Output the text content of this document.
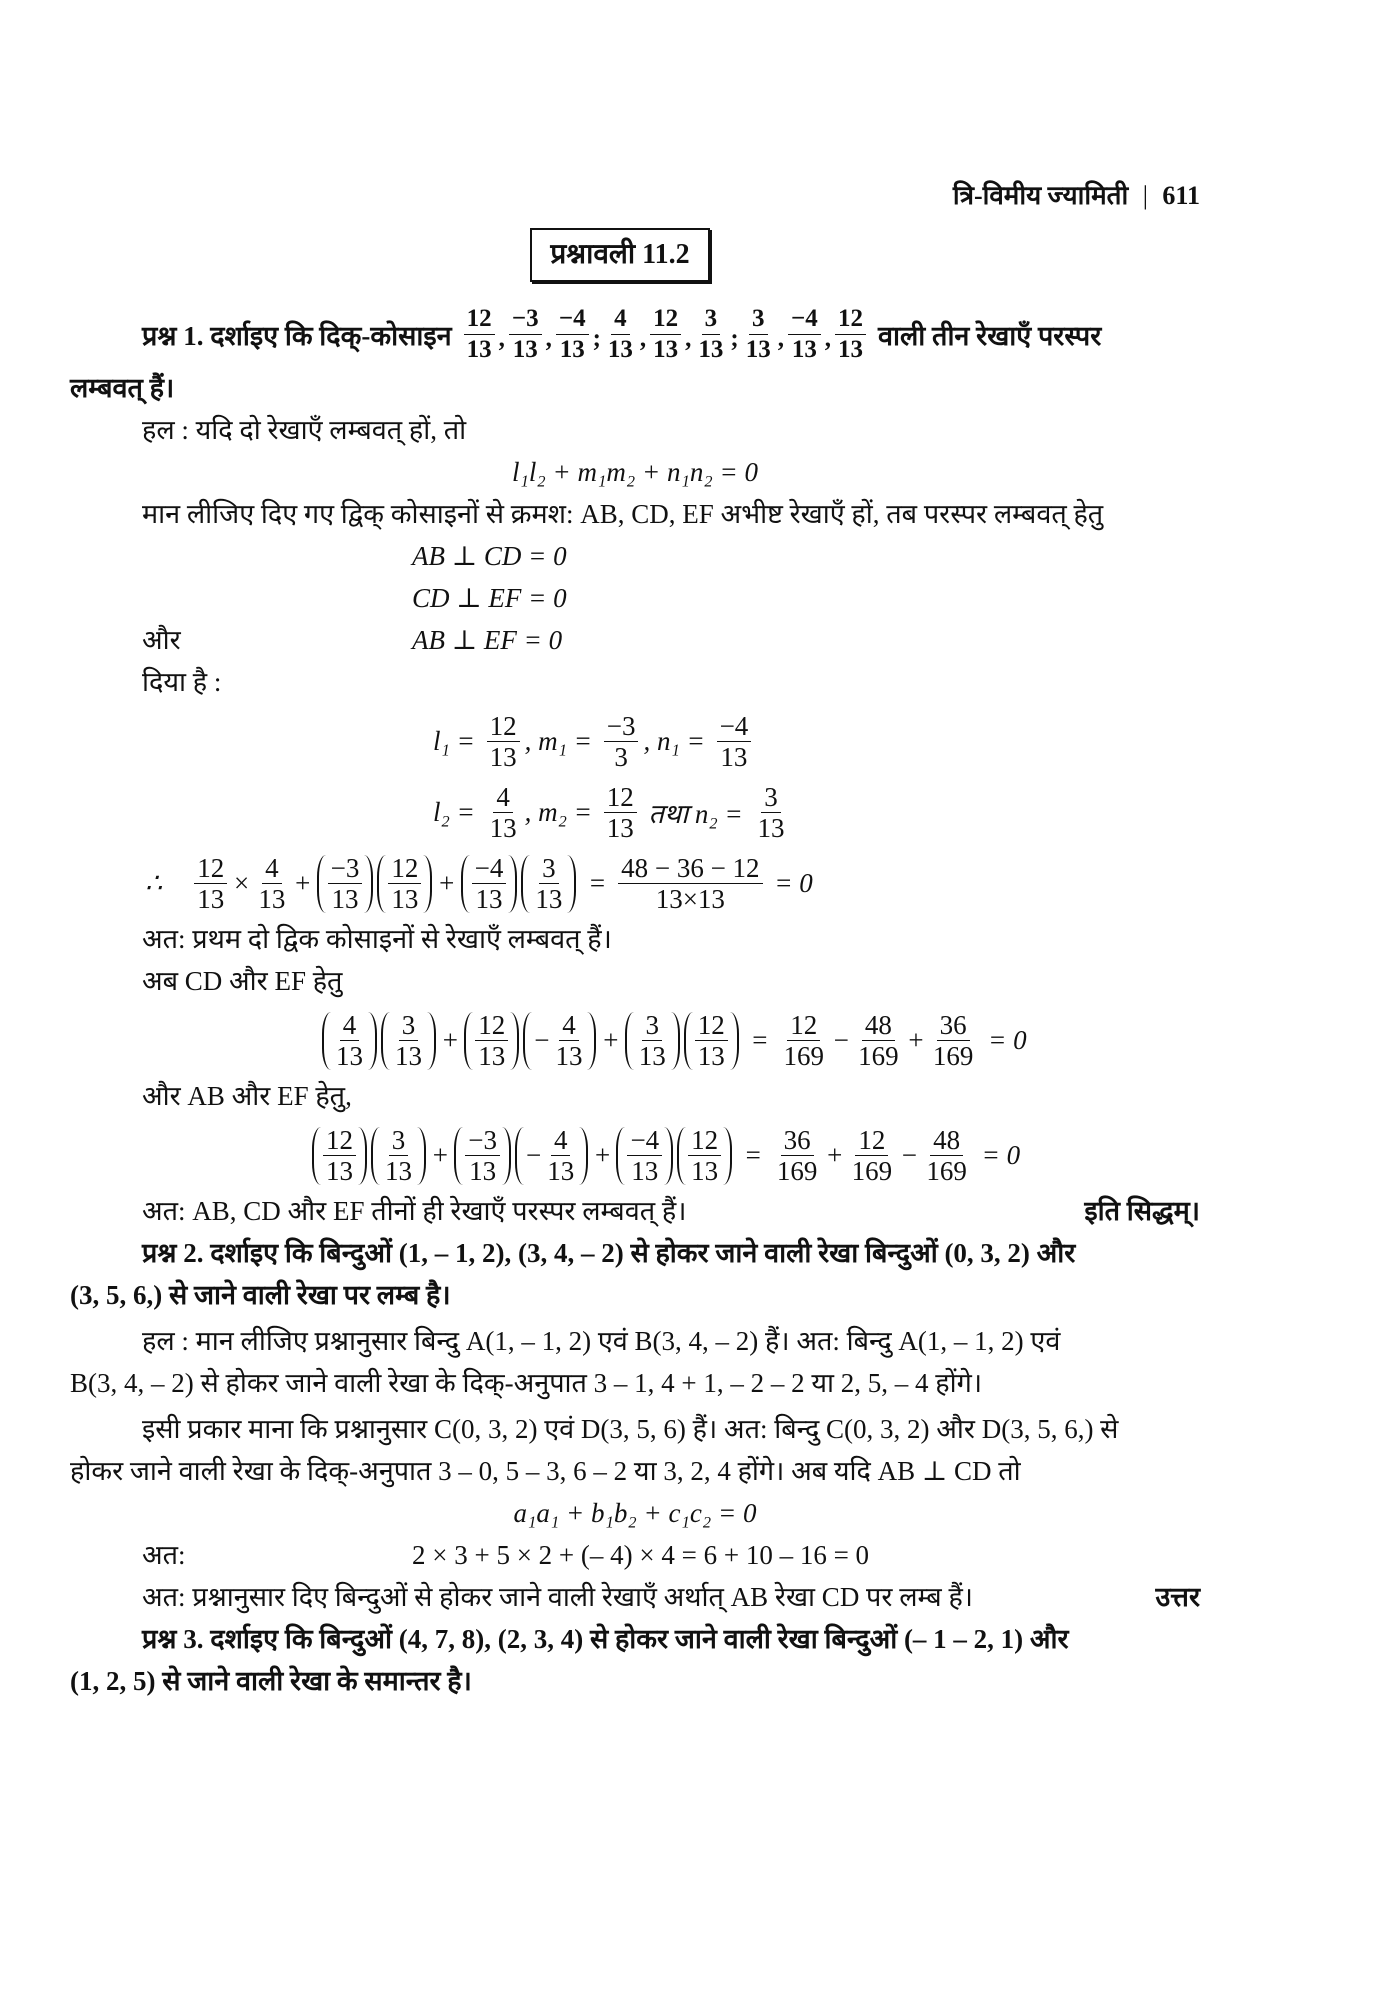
त्रि-विमीय ज्यामिती | 611
प्रश्नावली 11.2
प्रश्न 1. दर्शाइए कि दिक्-कोसाइन $\frac{12}{13}$ , $\frac{-3}{13}$ , $\frac{-4}{13}$ ; $\frac{4}{13}$ , $\frac{12}{13}$ , $\frac{3}{13}$ ; $\frac{3}{13}$ , $\frac{-4}{13}$ , $\frac{12}{13}$ वाली तीन रेखाएँ परस्पर
लम्बवत् हैं।
हल : यदि दो रेखाएँ लम्बवत् हों, तो
l₁l₂ + m₁m₂ + n₁n₂ = 0
मान लीजिए दिए गए द्विक् कोसाइनों से क्रमश: AB, CD, EF अभीष्ट रेखाएँ हों, तब परस्पर लम्बवत् हेतु
AB ⊥ CD = 0
CD ⊥ EF = 0
और	AB ⊥ EF = 0
दिया है :
$l_1 = \frac{12}{13}$ , $m_1 = \frac{-3}{3}$ , $n_1 = \frac{-4}{13}$
$l_2 = \frac{4}{13}$ , $m_2 = \frac{12}{13}$ तथा $n_2 = \frac{3}{13}$
∴ $\frac{12}{13} \times \frac{4}{13} + \frac{-3}{13} \frac{12}{13} + \frac{-4}{13} \frac{3}{13} = \frac{48 - 36 - 12}{13\times 13} = 0$
अत: प्रथम दो द्विक कोसाइनों से रेखाएँ लम्बवत् हैं।
अब CD और EF हेतु
$\frac{4}{13} \frac{3}{13} + \frac{12}{13} - \frac{4}{13} + \frac{3}{13} \frac{12}{13} = \frac{12}{169} - \frac{48}{169} + \frac{36}{169} = 0$
और AB और EF हेतु,
$\frac{12}{13} \frac{3}{13} + \frac{-3}{13} - \frac{4}{13} + \frac{-4}{13} \frac{12}{13} = \frac{36}{169} + \frac{12}{169} - \frac{48}{169} = 0$
अत: AB, CD और EF तीनों ही रेखाएँ परस्पर लम्बवत् हैं।	इति सिद्धम्।
प्रश्न 2. दर्शाइए कि बिन्दुओं (1, – 1, 2), (3, 4, – 2) से होकर जाने वाली रेखा बिन्दुओं (0, 3, 2) और
(3, 5, 6,) से जाने वाली रेखा पर लम्ब है।
हल : मान लीजिए प्रश्नानुसार बिन्दु A(1, – 1, 2) एवं B(3, 4, – 2) हैं। अत: बिन्दु A(1, – 1, 2) एवं
B(3, 4, – 2) से होकर जाने वाली रेखा के दिक्-अनुपात 3 – 1, 4 + 1, – 2 – 2 या 2, 5, – 4 होंगे।
इसी प्रकार माना कि प्रश्नानुसार C(0, 3, 2) एवं D(3, 5, 6) हैं। अत: बिन्दु C(0, 3, 2) और D(3, 5, 6,) से
होकर जाने वाली रेखा के दिक्-अनुपात 3 – 0, 5 – 3, 6 – 2 या 3, 2, 4 होंगे। अब यदि AB ⊥ CD तो
a₁a₁ + b₁b₂ + c₁c₂ = 0
अत:	2 × 3 + 5 × 2 + (– 4) × 4 = 6 + 10 – 16 = 0
अत: प्रश्नानुसार दिए बिन्दुओं से होकर जाने वाली रेखाएँ अर्थात् AB रेखा CD पर लम्ब हैं।	उत्तर
प्रश्न 3. दर्शाइए कि बिन्दुओं (4, 7, 8), (2, 3, 4) से होकर जाने वाली रेखा बिन्दुओं (– 1 – 2, 1) और
(1, 2, 5) से जाने वाली रेखा के समान्तर है।
